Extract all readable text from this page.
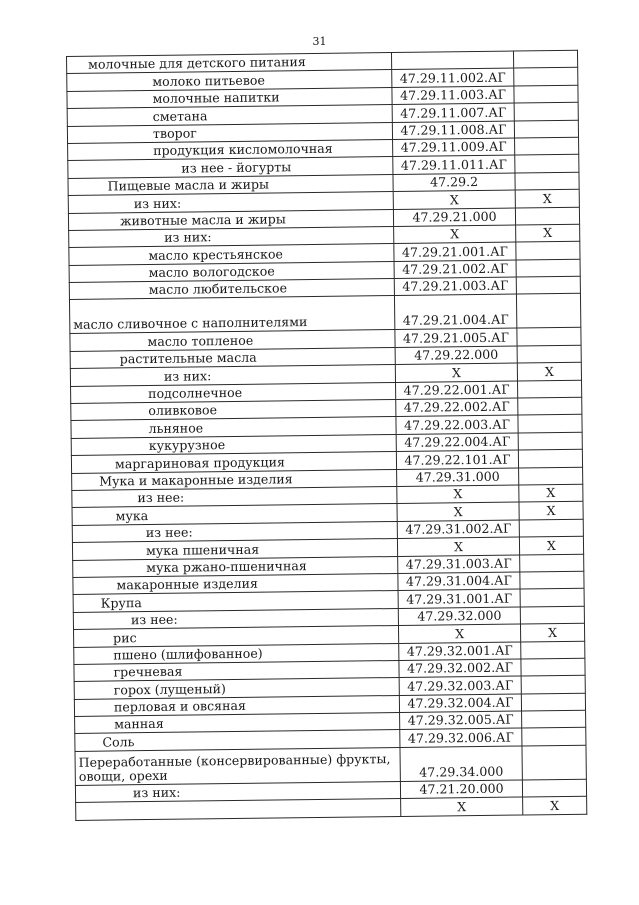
31
молочные для детского питания		
молоко питьевое	47.29.11.002.АГ	
молочные напитки	47.29.11.003.АГ	
сметана	47.29.11.007.АГ	
творог	47.29.11.008.АГ	
продукция кисломолочная	47.29.11.009.АГ	
из нее - йогурты	47.29.11.011.АГ	
Пищевые масла и жиры	47.29.2	
из них:	X	X
животные масла и жиры	47.29.21.000	
из них:	X	X
масло крестьянское	47.29.21.001.АГ	
масло вологодское	47.29.21.002.АГ	
масло любительское	47.29.21.003.АГ	
масло сливочное с наполнителями	47.29.21.004.АГ	
масло топленое	47.29.21.005.АГ	
растительные масла	47.29.22.000	
из них:	X	X
подсолнечное	47.29.22.001.АГ	
оливковое	47.29.22.002.АГ	
льняное	47.29.22.003.АГ	
кукурузное	47.29.22.004.АГ	
маргариновая продукция	47.29.22.101.АГ	
Мука и макаронные изделия	47.29.31.000	
из нее:	X	X
мука	X	X
из нее:	47.29.31.002.АГ	
мука пшеничная	X	X
мука ржано-пшеничная	47.29.31.003.АГ	
макаронные изделия	47.29.31.004.АГ	
Крупа	47.29.31.001.АГ	
из нее:	47.29.32.000	
рис	X	X
пшено (шлифованное)	47.29.32.001.АГ	
гречневая	47.29.32.002.АГ	
горох (лущеный)	47.29.32.003.АГ	
перловая и овсяная	47.29.32.004.АГ	
манная	47.29.32.005.АГ	
Соль	47.29.32.006.АГ	
Переработанные (консервированные) фрукты, овощи, орехи	47.29.34.000	
из них:	47.21.20.000	
	X	X
